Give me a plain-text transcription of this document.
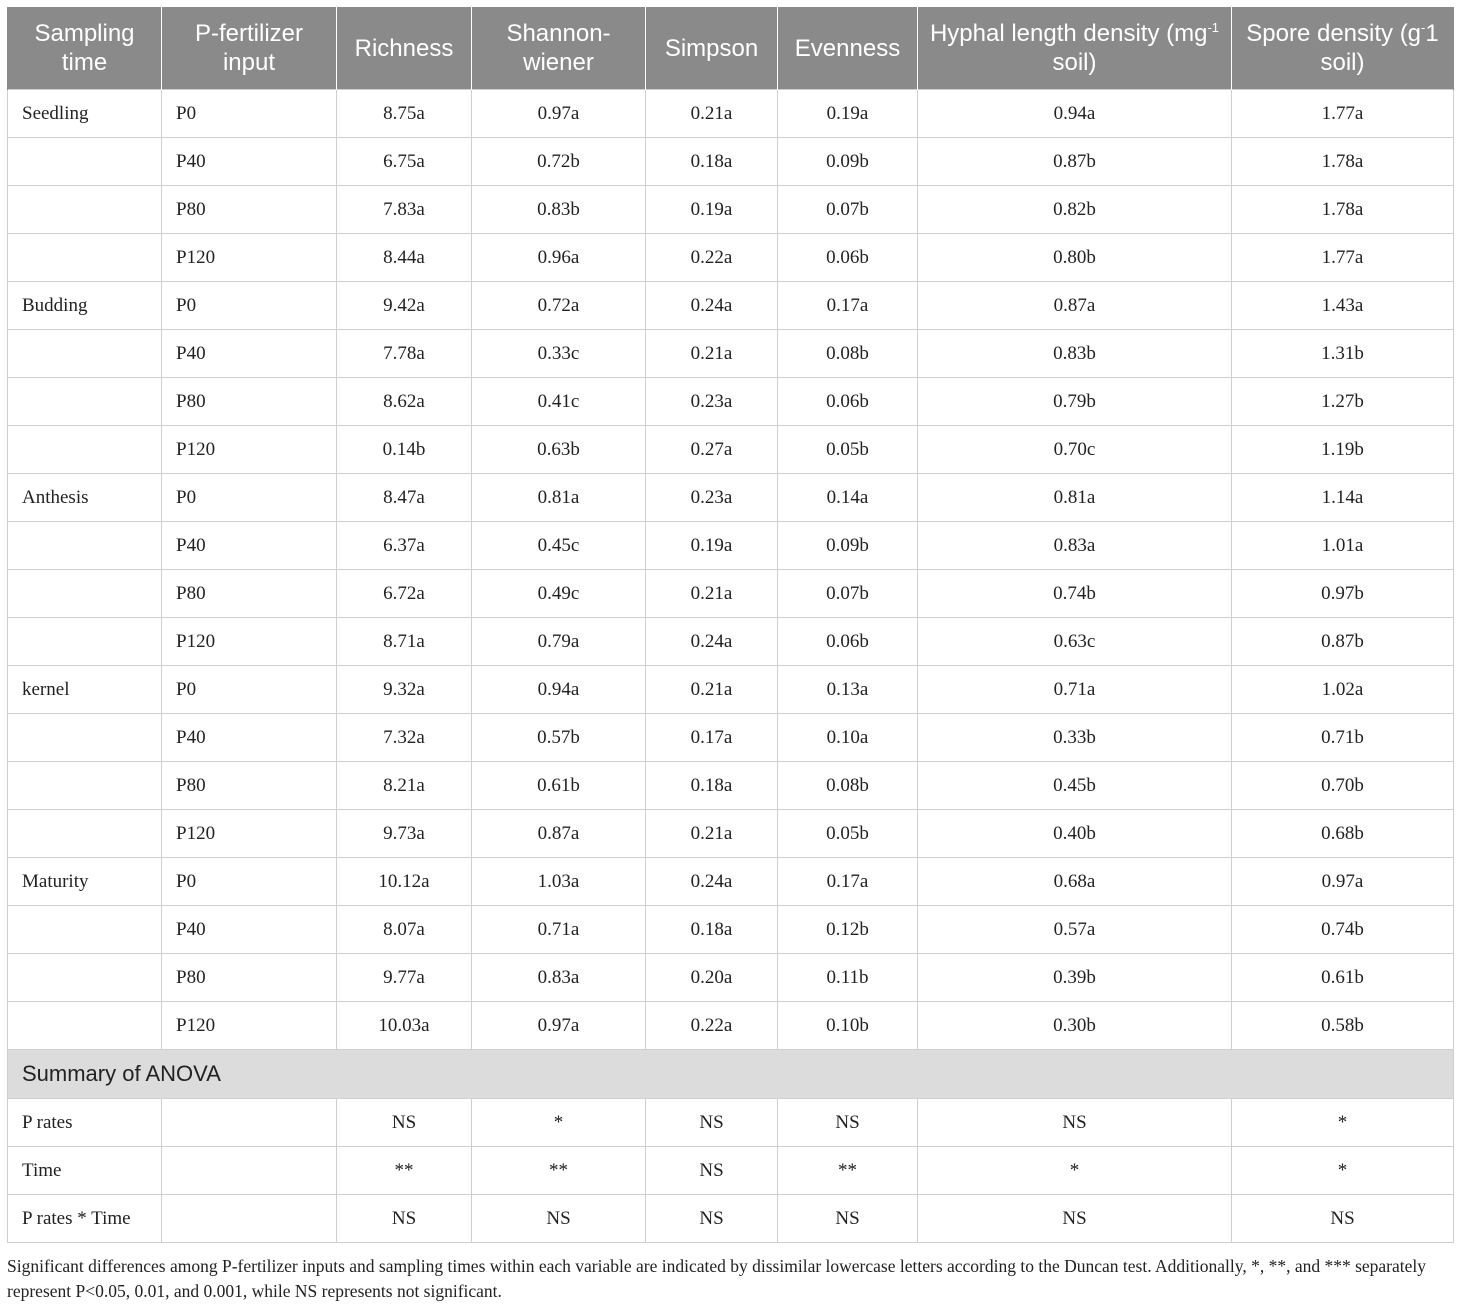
Sampling time	P-fertilizer input	Richness	Shannon-wiener	Simpson	Evenness	Hyphal length density ($mg^{-1}$ soil)	Spore density (g-1 soil)
Seedling	P0	8.75a	0.97a	0.21a	0.19a	0.94a	1.77a
	P40	6.75a	0.72b	0.18a	0.09b	0.87b	1.78a
	P80	7.83a	0.83b	0.19a	0.07b	0.82b	1.78a
	P120	8.44a	0.96a	0.22a	0.06b	0.80b	1.77a
Budding	P0	9.42a	0.72a	0.24a	0.17a	0.87a	1.43a
	P40	7.78a	0.33c	0.21a	0.08b	0.83b	1.31b
	P80	8.62a	0.41c	0.23a	0.06b	0.79b	1.27b
	P120	0.14b	0.63b	0.27a	0.05b	0.70c	1.19b
Anthesis	P0	8.47a	0.81a	0.23a	0.14a	0.81a	1.14a
	P40	6.37a	0.45c	0.19a	0.09b	0.83a	1.01a
	P80	6.72a	0.49c	0.21a	0.07b	0.74b	0.97b
	P120	8.71a	0.79a	0.24a	0.06b	0.63c	0.87b
kernel	P0	9.32a	0.94a	0.21a	0.13a	0.71a	1.02a
	P40	7.32a	0.57b	0.17a	0.10a	0.33b	0.71b
	P80	8.21a	0.61b	0.18a	0.08b	0.45b	0.70b
	P120	9.73a	0.87a	0.21a	0.05b	0.40b	0.68b
Maturity	P0	10.12a	1.03a	0.24a	0.17a	0.68a	0.97a
	P40	8.07a	0.71a	0.18a	0.12b	0.57a	0.74b
	P80	9.77a	0.83a	0.20a	0.11b	0.39b	0.61b
	P120	10.03a	0.97a	0.22a	0.10b	0.30b	0.58b
Summary of ANOVA							
P rates		NS	*	NS	NS	NS	*
Time		**	**	NS	**	*	*
P rates * Time		NS	NS	NS	NS	NS	NS
Significant differences among P-fertilizer inputs and sampling times within each variable are indicated by dissimilar lowercase letters according to the Duncan test. Additionally, *, **, and *** separately represent P<0.05, 0.01, and 0.001, while NS represents not significant.
